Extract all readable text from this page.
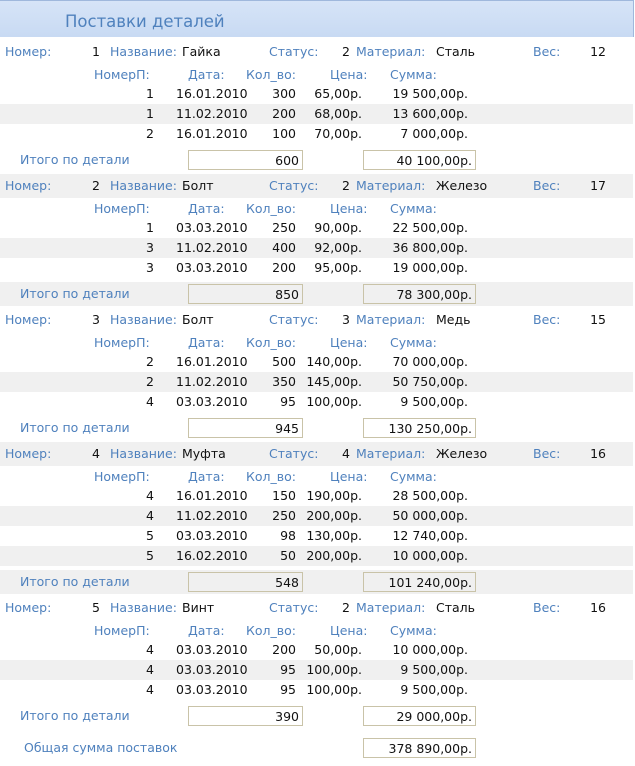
Поставки деталей
Номер:	1 Название: Гайка	Статус:	2 Материал: Сталь	Вес:	12
НомерП:	Дата: Кол_во:	Цена: Сумма:
1 16.01.2010	300	65,00р.	19 500,00р.
1 11.02.2010	200	68,00р.	13 600,00р.
2 16.01.2010	100	70,00р.	7 000,00р.
Итого по детали	600	40 100,00р.
Номер:	2 Название: Болт	Статус:	2 Материал: Железо	Вес:	17
НомерП:	Дата: Кол_во:	Цена: Сумма:
1 03.03.2010	250	90,00р.	22 500,00р.
3 11.02.2010	400	92,00р.	36 800,00р.
3 03.03.2010	200	95,00р.	19 000,00р.
Итого по детали	850	78 300,00р.
Номер:	3 Название: Болт	Статус:	3 Материал: Медь	Вес:	15
НомерП:	Дата: Кол_во:	Цена: Сумма:
2 16.01.2010	500 140,00р.	70 000,00р.
2 11.02.2010	350 145,00р.	50 750,00р.
4 03.03.2010	95 100,00р.	9 500,00р.
Итого по детали	945	130 250,00р.
Номер:	4 Название: Муфта	Статус:	4 Материал: Железо	Вес:	16
НомерП:	Дата: Кол_во:	Цена: Сумма:
4 16.01.2010	150 190,00р.	28 500,00р.
4 11.02.2010	250 200,00р.	50 000,00р.
5 03.03.2010	98 130,00р.	12 740,00р.
5 16.02.2010	50 200,00р.	10 000,00р.
Итого по детали	548	101 240,00р.
Номер:	5 Название: Винт	Статус:	2 Материал: Сталь	Вес:	16
НомерП:	Дата: Кол_во:	Цена: Сумма:
4 03.03.2010	200	50,00р.	10 000,00р.
4 03.03.2010	95 100,00р.	9 500,00р.
4 03.03.2010	95 100,00р.	9 500,00р.
Итого по детали	390	29 000,00р.
Общая сумма поставок	378 890,00р.
